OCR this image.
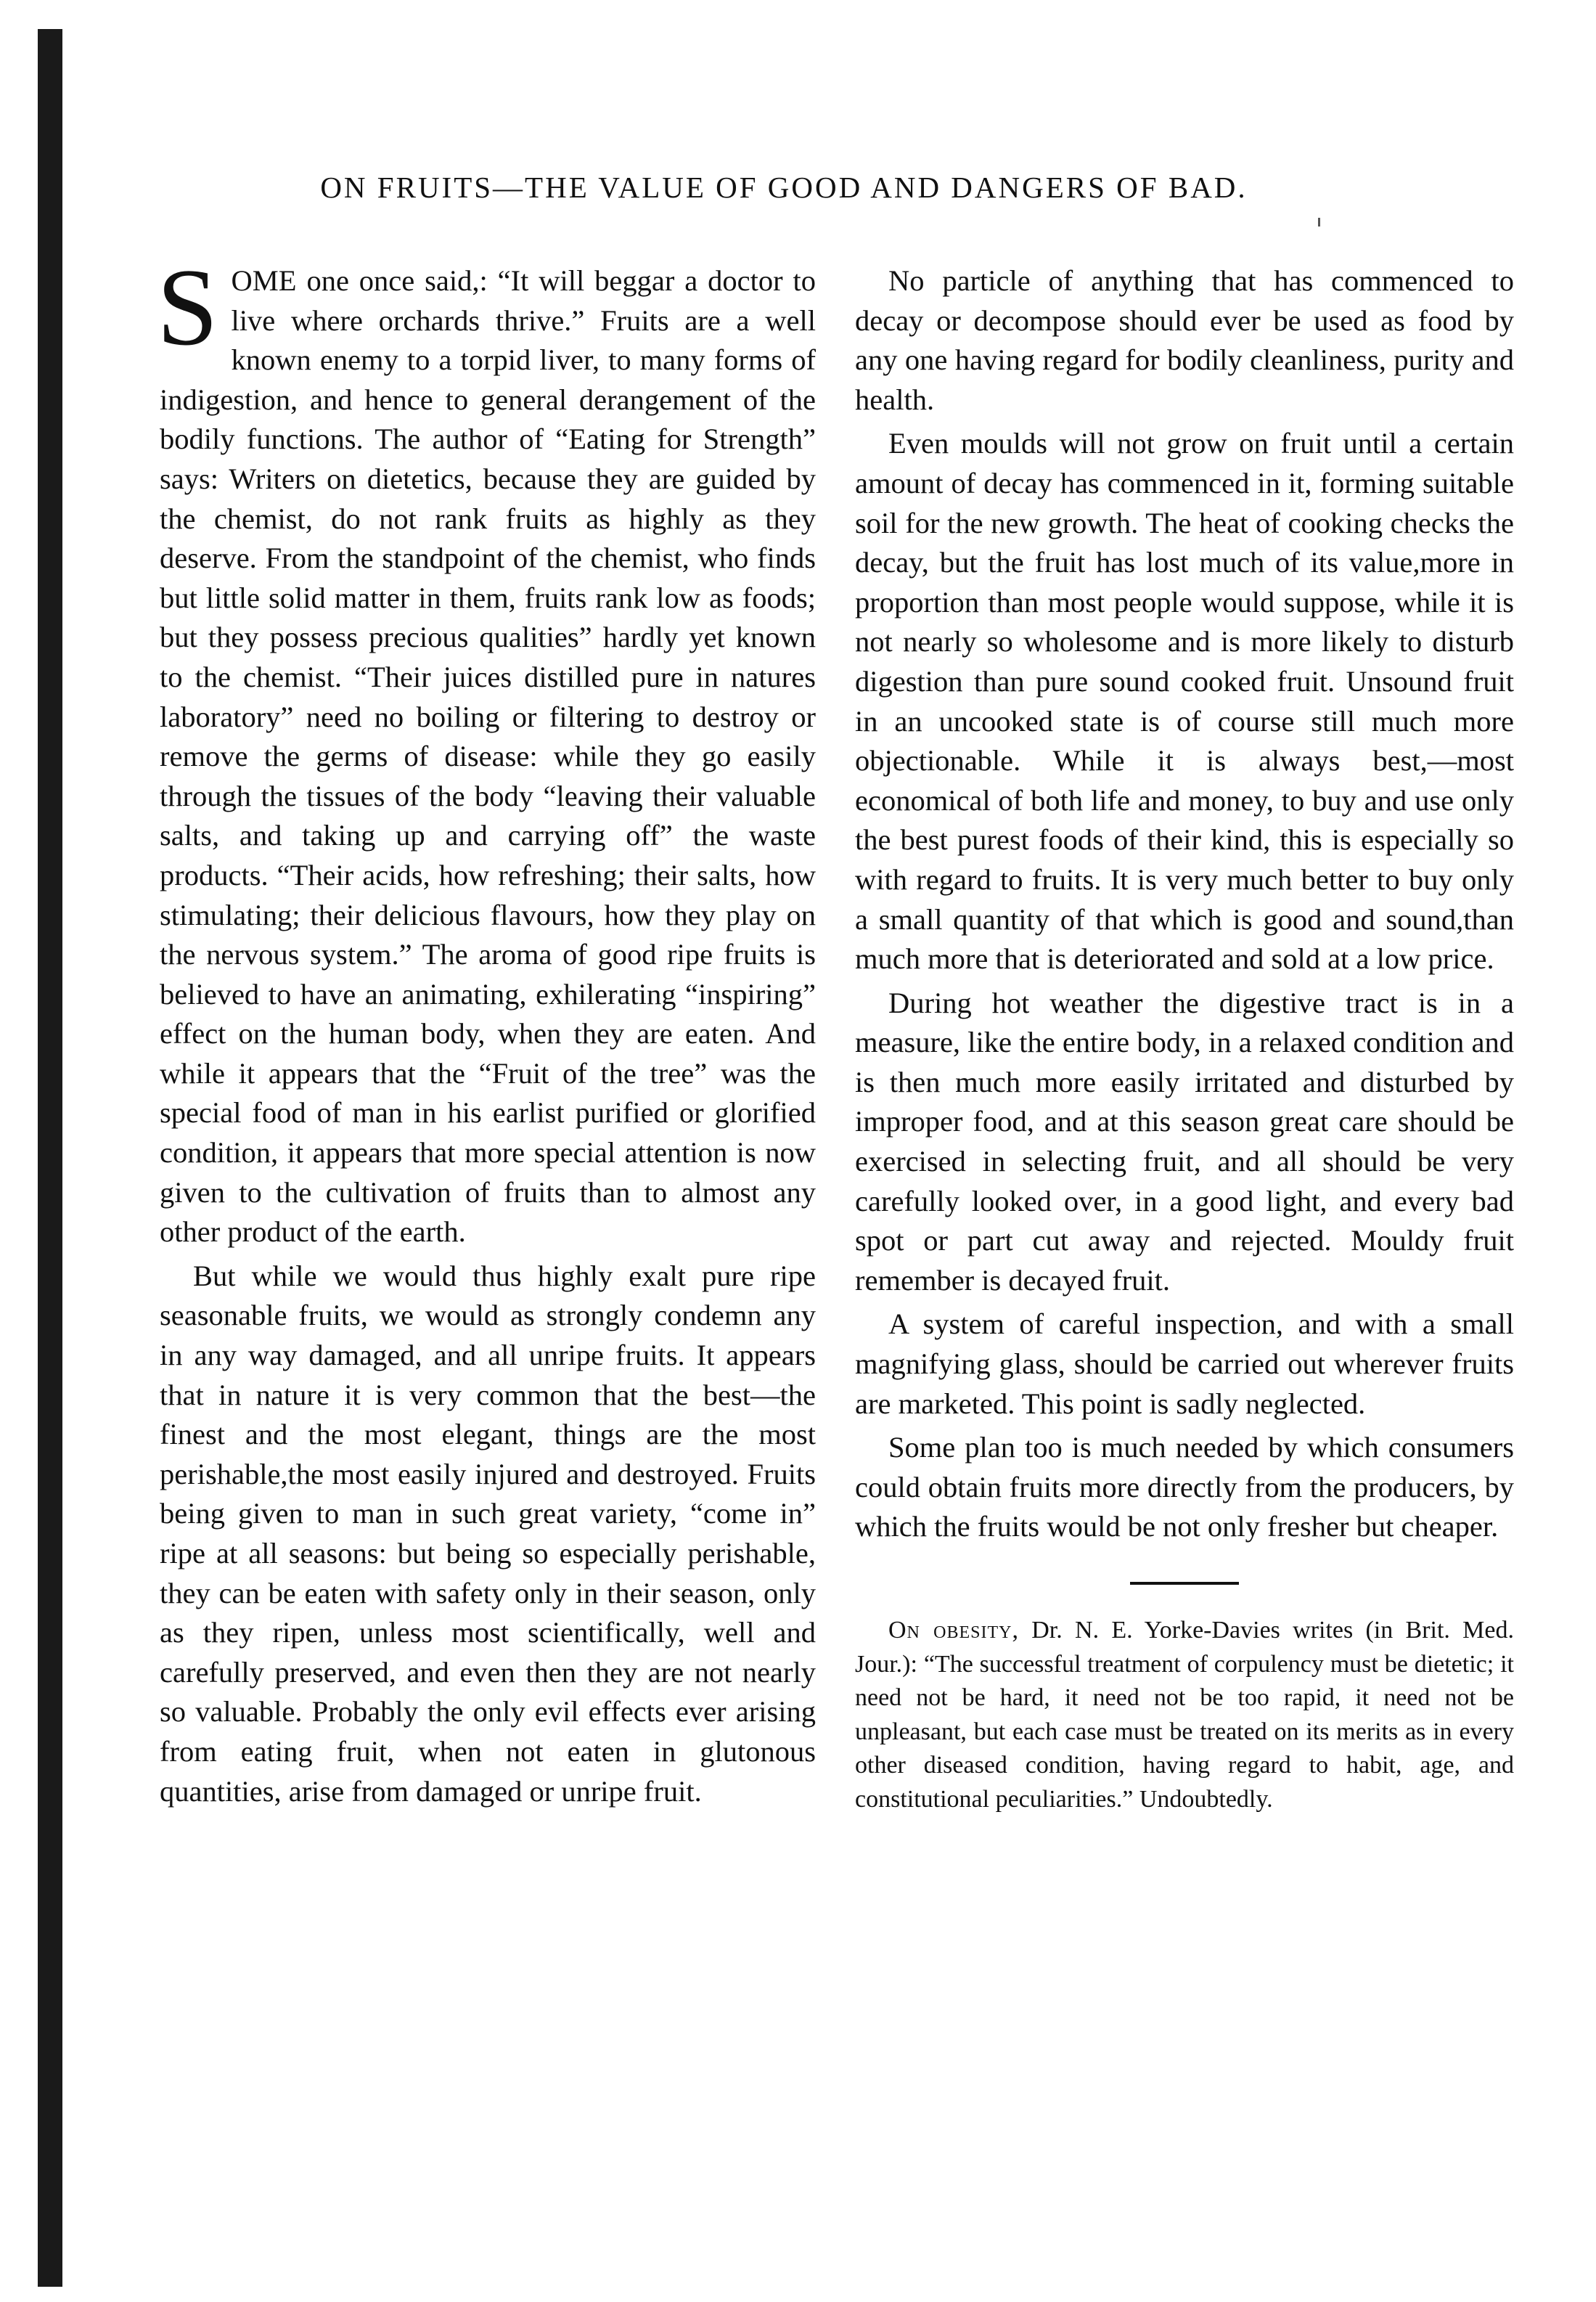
ON FRUITS—THE VALUE OF GOOD AND DANGERS OF BAD.

SOME one once said,: “It will beggar a doctor to live where orchards thrive.” Fruits are a well known enemy to a torpid liver, to many forms of indigestion, and hence to general derangement of the bodily functions. The author of “Eating for Strength” says: Writers on dietetics, because they are guided by the chemist, do not rank fruits as highly as they deserve. From the standpoint of the chemist, who finds but little solid matter in them, fruits rank low as foods; but they possess precious qualities” hardly yet known to the chemist. “Their juices distilled pure in natures laboratory” need no boiling or filtering to destroy or remove the germs of disease: while they go easily through the tissues of the body “leaving their valuable salts, and taking up and carrying off” the waste products. “Their acids, how refreshing; their salts, how stimulating; their delicious flavours, how they play on the nervous system.” The aroma of good ripe fruits is believed to have an animating, exhilerating “inspiring” effect on the human body, when they are eaten. And while it appears that the “Fruit of the tree” was the special food of man in his earlist purified or glorified condition, it appears that more special attention is now given to the cultivation of fruits than to almost any other product of the earth.

But while we would thus highly exalt pure ripe seasonable fruits, we would as strongly condemn any in any way damaged, and all unripe fruits. It appears that in nature it is very common that the best—the finest and the most elegant, things are the most perishable,the most easily injured and destroyed. Fruits being given to man in such great variety, “come in” ripe at all seasons: but being so especially perishable, they can be eaten with safety only in their season, only as they ripen, unless most scientifically, well and carefully preserved, and even then they are not nearly so valuable. Probably the only evil effects ever arising from eating fruit, when not eaten in glutonous quantities, arise from damaged or unripe fruit.

No particle of anything that has commenced to decay or decompose should ever be used as food by any one having regard for bodily cleanliness, purity and health.

Even moulds will not grow on fruit until a certain amount of decay has commenced in it, forming suitable soil for the new growth. The heat of cooking checks the decay, but the fruit has lost much of its value,more in proportion than most people would suppose, while it is not nearly so wholesome and is more likely to disturb digestion than pure sound cooked fruit. Unsound fruit in an uncooked state is of course still much more objectionable. While it is always best,—most economical of both life and money, to buy and use only the best purest foods of their kind, this is especially so with regard to fruits. It is very much better to buy only a small quantity of that which is good and sound,than much more that is deteriorated and sold at a low price.

During hot weather the digestive tract is in a measure, like the entire body, in a relaxed condition and is then much more easily irritated and disturbed by improper food, and at this season great care should be exercised in selecting fruit, and all should be very carefully looked over, in a good light, and every bad spot or part cut away and rejected. Mouldy fruit remember is decayed fruit.

A system of careful inspection, and with a small magnifying glass, should be carried out wherever fruits are marketed. This point is sadly neglected.

Some plan too is much needed by which consumers could obtain fruits more directly from the producers, by which the fruits would be not only fresher but cheaper.

On obesity, Dr. N. E. Yorke-Davies writes (in Brit. Med. Jour.): “The successful treatment of corpulency must be dietetic; it need not be hard, it need not be too rapid, it need not be unpleasant, but each case must be treated on its merits as in every other diseased condition, having regard to habit, age, and constitutional peculiarities.” Undoubtedly.
